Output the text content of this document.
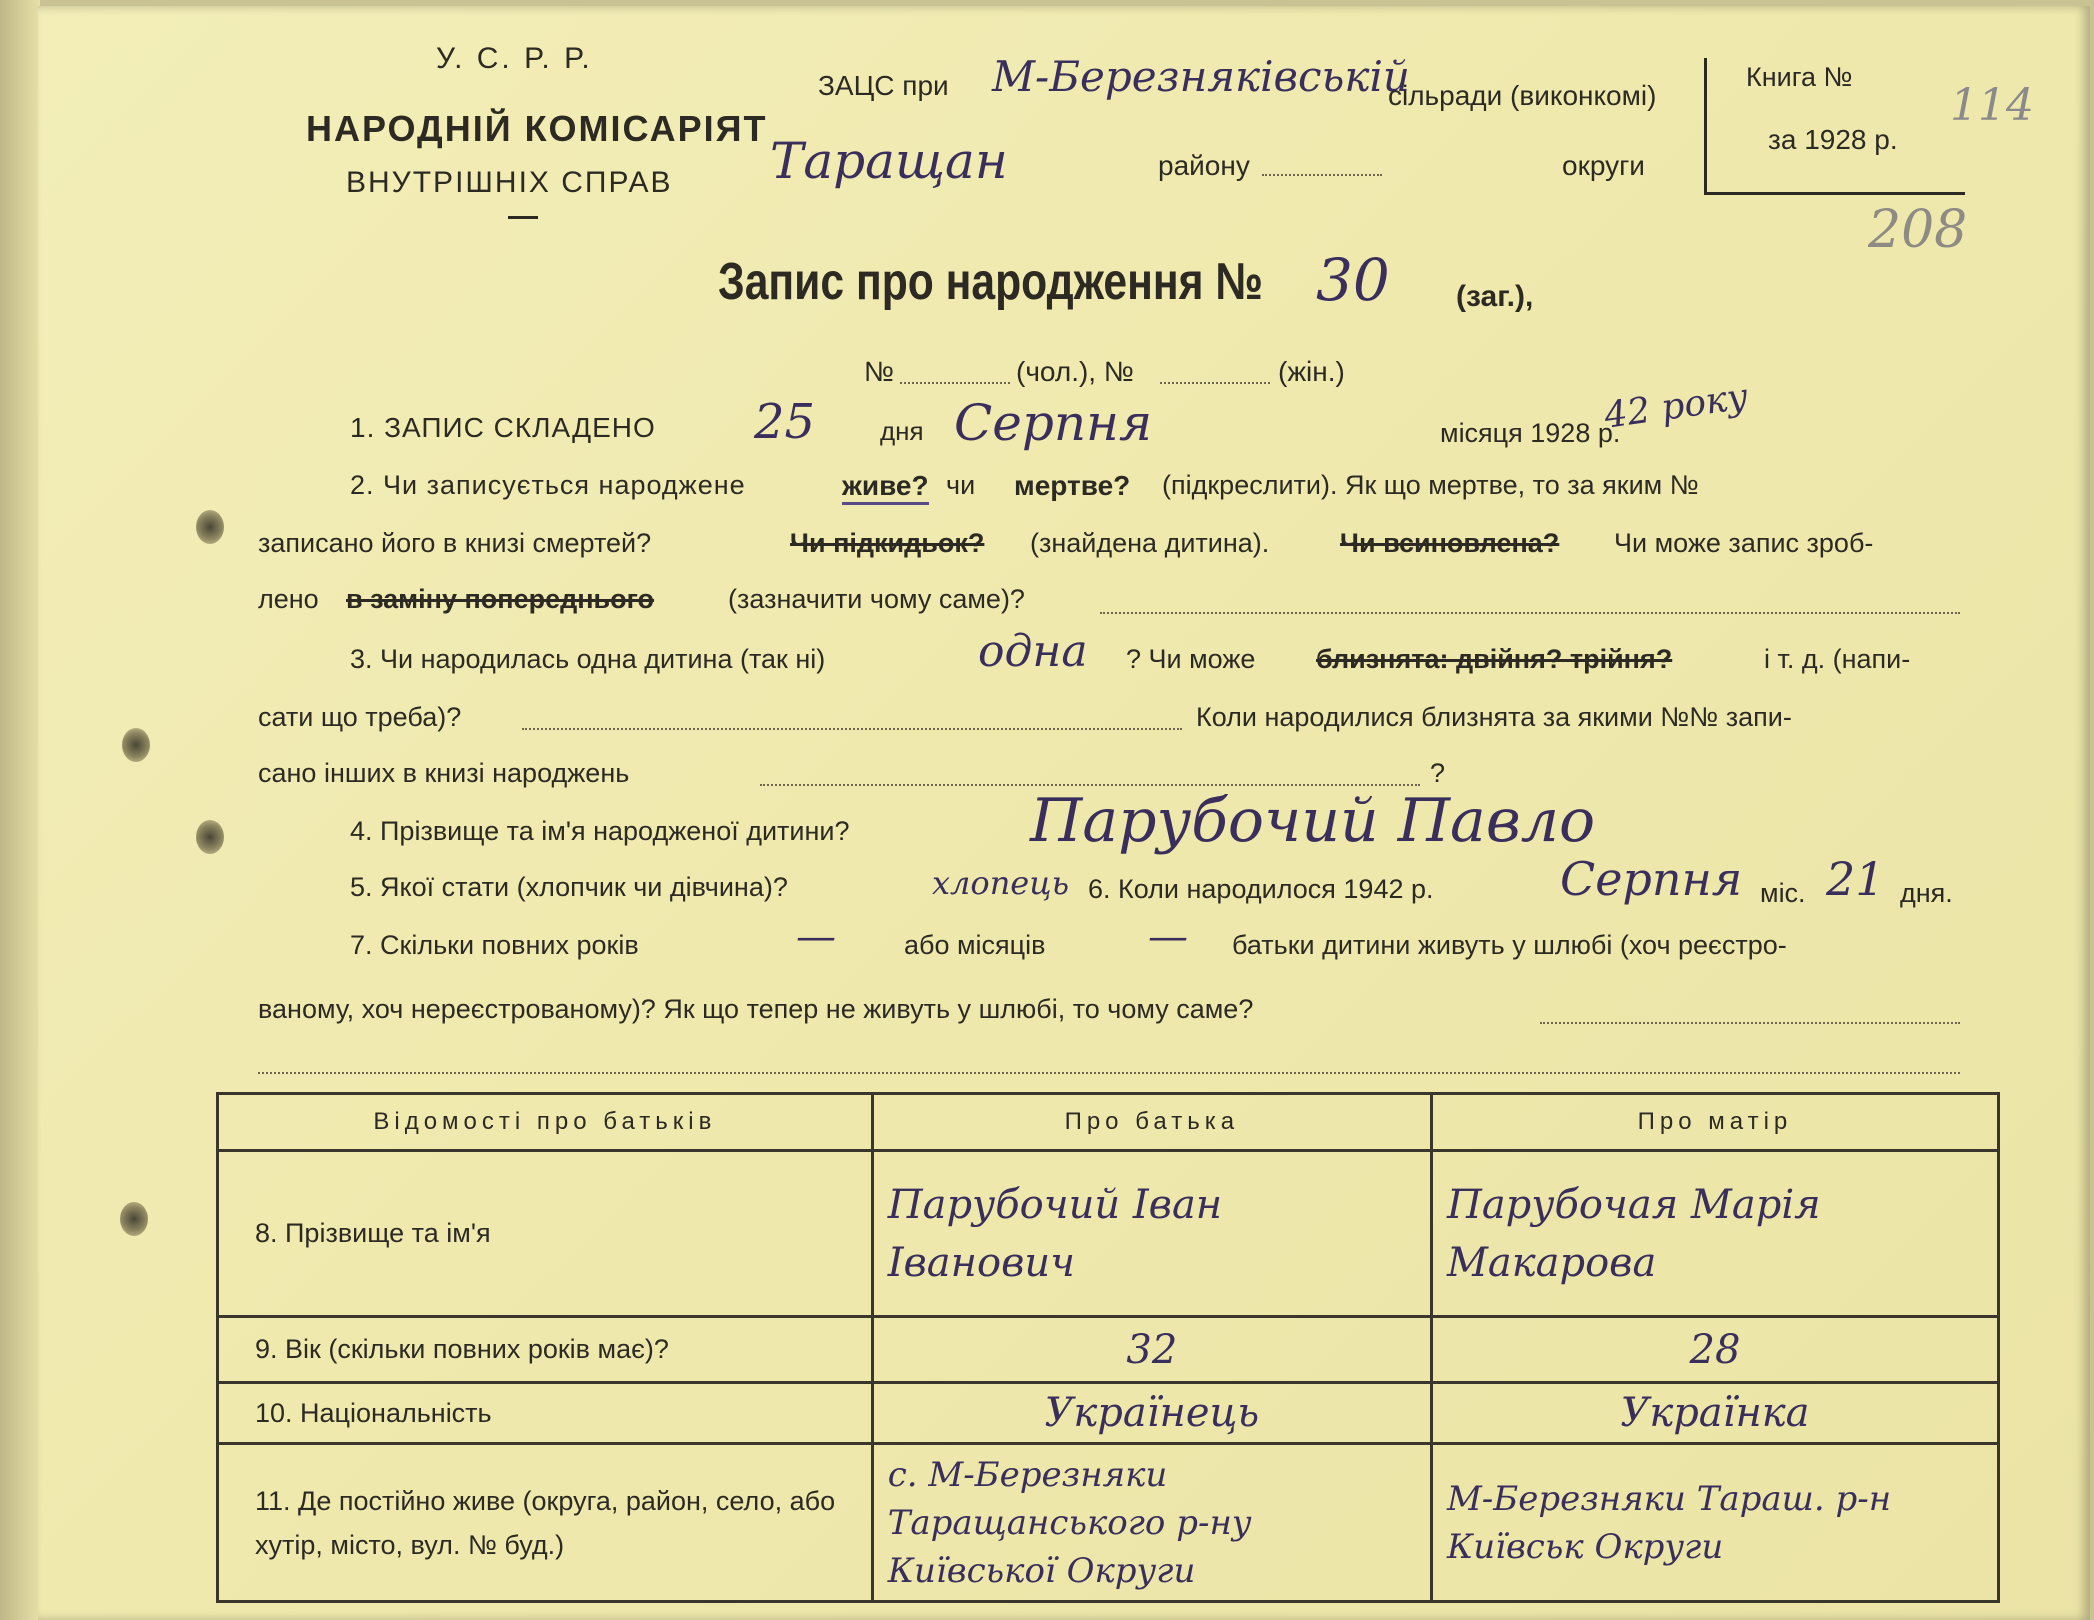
У. С. Р. Р.
НАРОДНІЙ КОМІСАРІЯТ
ВНУТРІШНІХ СПРАВ
ЗАЦС при М-Березняківській
сільради (виконкомі)
Таращан	району	округи
Книга №
за 1928 р.
114
208
Запис про народження № 30 (заг.),
№	(чол.), №	(жін.)
1. ЗАПИС СКЛАДЕНО 25 дня Серпня	місяця 1928 р.
42 року
2. Чи записується народжене	живе? чи мертве? (підкреслити). Як що мертве, то за яким №
записано його в книзі смертей?	Чи підкидьок? (знайдена дитина).	Чи всиновлена? Чи може запис зроб-
лено в заміну попереднього	(зазначити чому саме)?
3. Чи народилась одна дитина (так ні)	одна ? Чи може близнята: двійня? трійня?	і т. д. (напи-
сати що треба)?	Коли народилися близнята за якими №№ запи-
сано інших в книзі народжень	?
4. Прізвище та ім'я народженої дитини?	Парубочий Павло
5. Якої стати (хлопчик чи дівчина)?	хлопець 6. Коли народилося 1942 р.	Серпня міс. 21 дня.
7. Скільки повних років	—	або місяців	— батьки дитини живуть у шлюбі (хоч реєстро-
ваному, хоч нереєстрованому)? Як що тепер не живуть у шлюбі, то чому саме?
Відомості про батьків	Про батька	Про матір
8. Прізвище та ім'я	Парубочий Іван Іванович	Парубочая Марія Макарова
9. Вік (скільки повних років має)?	32	28
10. Національність	Українець	Українка
11. Де постійно живе (округа, район, село, або хутір, місто, вул. № буд.)	с. М-Березняки Таращанського р-ну Київської Округи	М-Березняки Тараш. р-н Київськ Округи
